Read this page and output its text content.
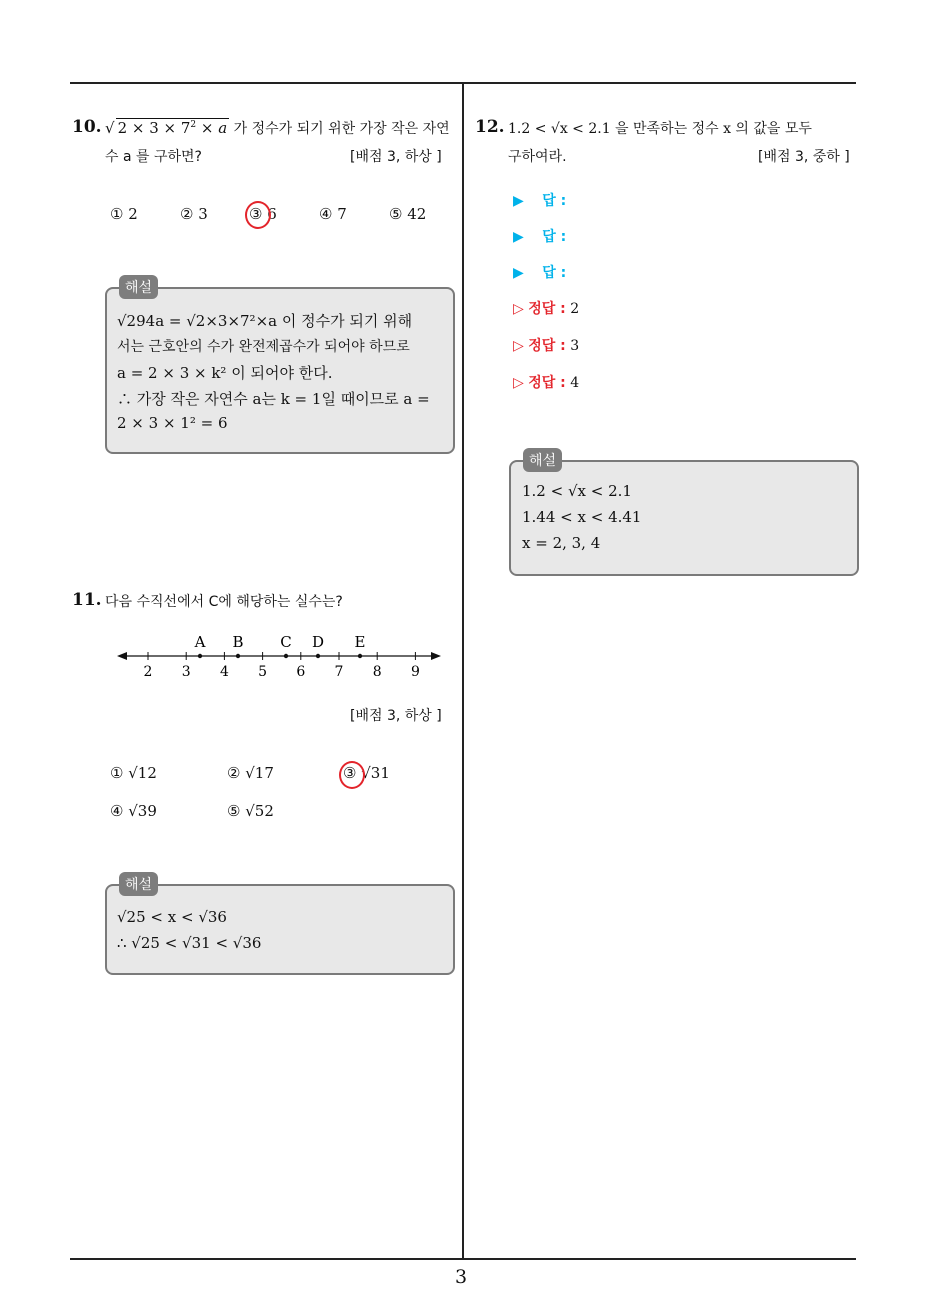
3
10. √ $2 \times 3 \times 7^2 \times a$ 가 정수가 되기 위한 가장 작은 자연
수 a 를 구하면?	[배점 3, 하상 ]
① 2	② 3	③ 6	④ 7	⑤ 42
해설
√294a = √2×3×7²×a 이 정수가 되기 위해
서는 근호안의 수가 완전제곱수가 되어야 하므로
a = 2 × 3 × k² 이 되어야 한다.
∴ 가장 작은 자연수 a는 k = 1일 때이므로 a =
2 × 3 × 1² = 6
11. 다음 수직선에서 C에 해당하는 실수는?
2 3 4 5 6 7 8 9
A B C D E
[배점 3, 하상 ]
① √12	② √17	③ √31
④ √39	⑤ √52
해설
√25 < x < √36
∴ √25 < √31 < √36
12. 1.2 < √x < 2.1 을 만족하는 정수 x 의 값을 모두
구하여라.	[배점 3, 중하 ]
▶ 답 :
▶ 답 :
▶ 답 :
▷ 정답 : 2
▷ 정답 : 3
▷ 정답 : 4
해설
1.2 < √x < 2.1
1.44 < x < 4.41
x = 2, 3, 4
